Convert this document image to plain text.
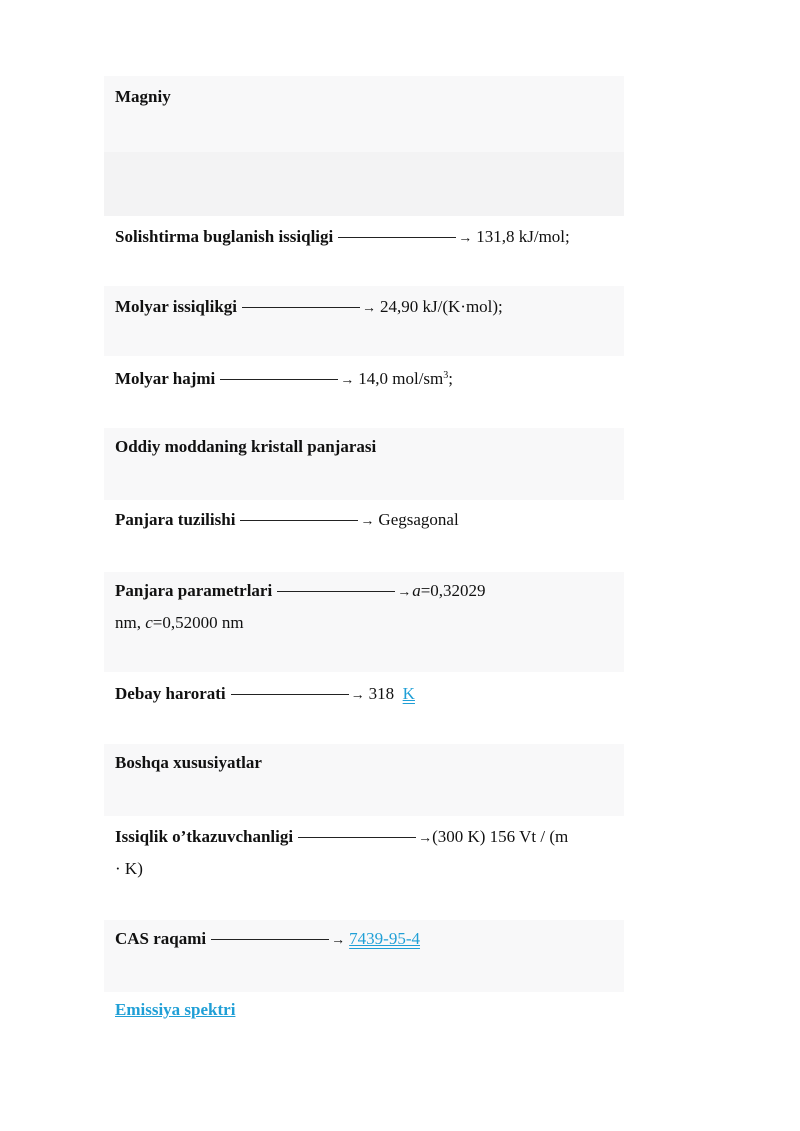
Magniy
Solishtirma buglanish issiqligi	→ 131,8 kJ/mol;
Molyar issiqlikgi	→ 24,90 kJ/(K·mol);
Molyar hajmi	→ 14,0 mol/$sm^3$;
Oddiy moddaning kristall panjarasi
Panjara tuzilishi	→ Gegsagonal
Panjara parametrlari	→a=0,32029
nm, c=0,52000 nm
Debay harorati	→ 318 K
Boshqa xususiyatlar
Issiqlik o’tkazuvchanligi	→(300 K) 156 Vt / (m
· K)
CAS raqami	→ 7439-95-4
Emissiya spektri
